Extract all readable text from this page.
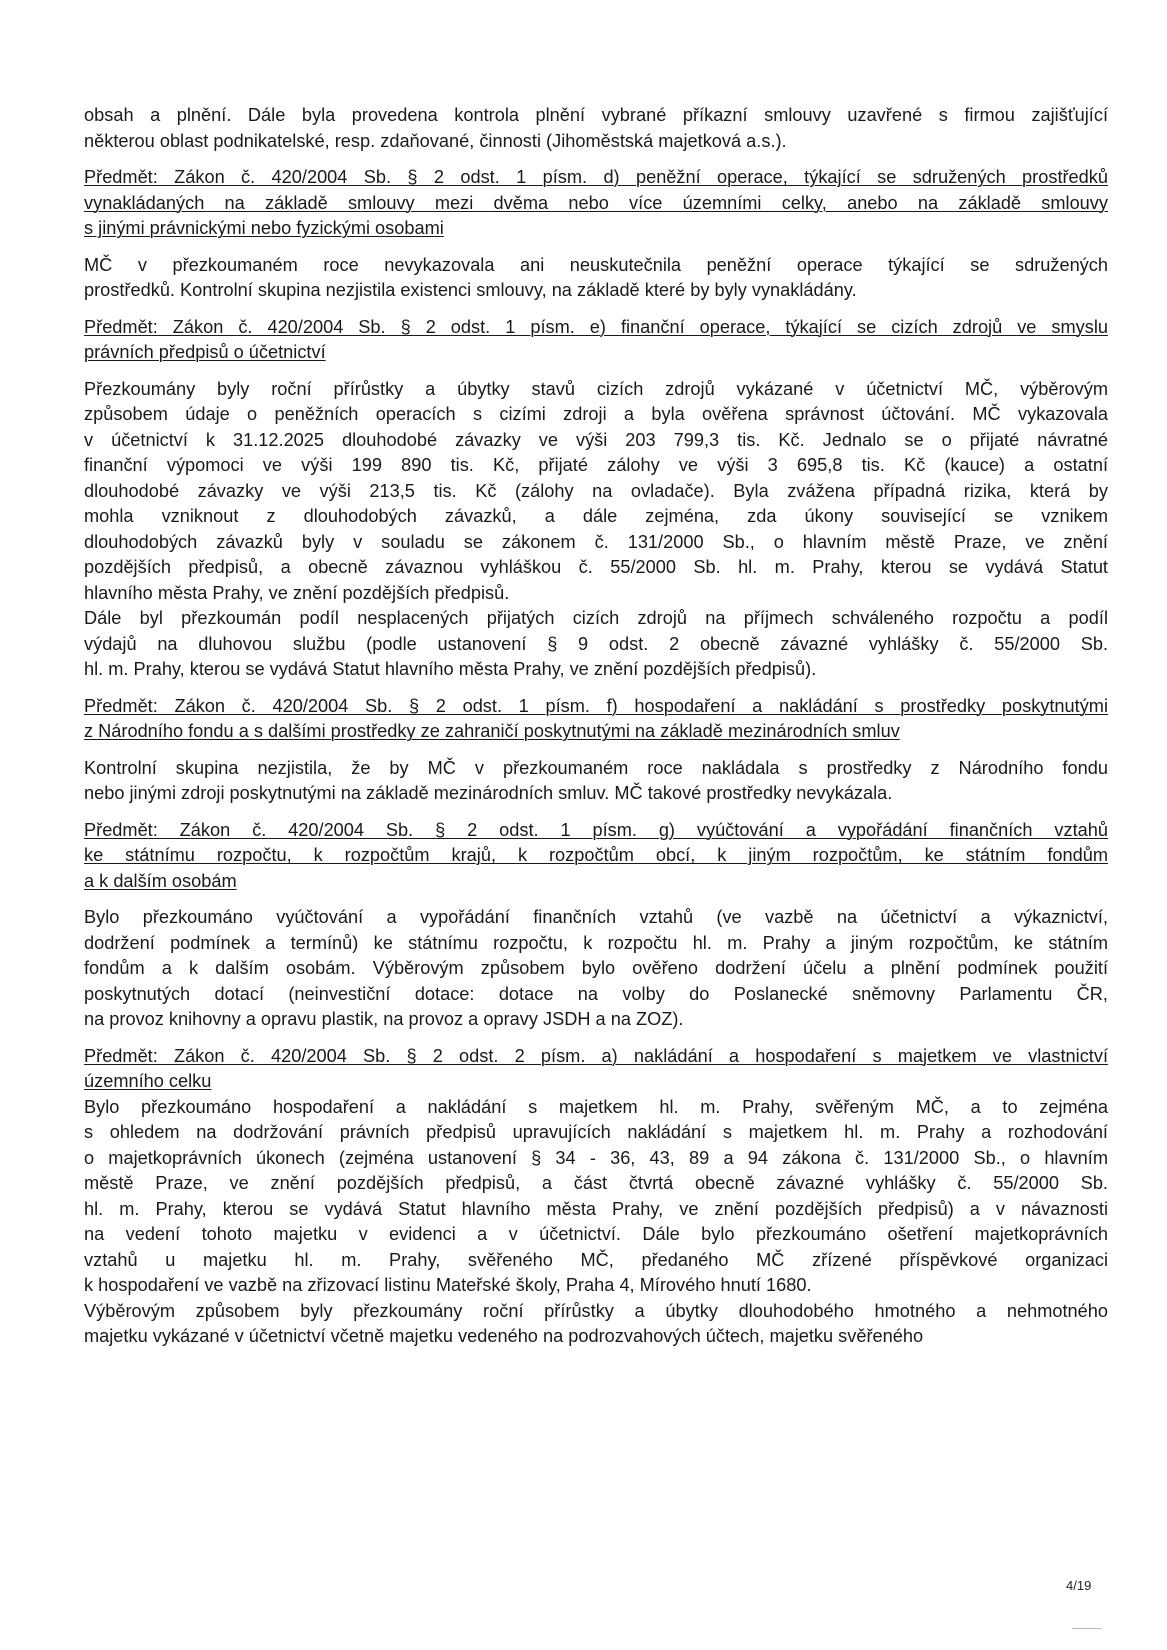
obsah a plnění. Dále byla provedena kontrola plnění vybrané příkazní smlouvy uzavřené s firmou zajišťující
některou oblast podnikatelské, resp. zdaňované, činnosti (Jihoměstská majetková a.s.).
Předmět: Zákon č. 420/2004 Sb. § 2 odst. 1 písm. d) peněžní operace, týkající se sdružených prostředků
vynakládaných na základě smlouvy mezi dvěma nebo více územními celky, anebo na základě smlouvy
s jinými právnickými nebo fyzickými osobami
MČ v přezkoumaném roce nevykazovala ani neuskutečnila peněžní operace týkající se sdružených
prostředků. Kontrolní skupina nezjistila existenci smlouvy, na základě které by byly vynakládány.
Předmět: Zákon č. 420/2004 Sb. § 2 odst. 1 písm. e) finanční operace, týkající se cizích zdrojů ve smyslu
právních předpisů o účetnictví
Přezkoumány byly roční přírůstky a úbytky stavů cizích zdrojů vykázané v účetnictví MČ, výběrovým
způsobem údaje o peněžních operacích s cizími zdroji a byla ověřena správnost účtování. MČ vykazovala
v účetnictví k 31.12.2025 dlouhodobé závazky ve výši 203 799,3 tis. Kč. Jednalo se o přijaté návratné
finanční výpomoci ve výši 199 890 tis. Kč, přijaté zálohy ve výši 3 695,8 tis. Kč (kauce) a ostatní
dlouhodobé závazky ve výši 213,5 tis. Kč (zálohy na ovladače). Byla zvážena případná rizika, která by
mohla vzniknout z dlouhodobých závazků, a dále zejména, zda úkony související se vznikem
dlouhodobých závazků byly v souladu se zákonem č. 131/2000 Sb., o hlavním městě Praze, ve znění
pozdějších předpisů, a obecně závaznou vyhláškou č. 55/2000 Sb. hl. m. Prahy, kterou se vydává Statut
hlavního města Prahy, ve znění pozdějších předpisů.
Dále byl přezkoumán podíl nesplacených přijatých cizích zdrojů na příjmech schváleného rozpočtu a podíl
výdajů na dluhovou službu (podle ustanovení § 9 odst. 2 obecně závazné vyhlášky č. 55/2000 Sb.
hl. m. Prahy, kterou se vydává Statut hlavního města Prahy, ve znění pozdějších předpisů).
Předmět: Zákon č. 420/2004 Sb. § 2 odst. 1 písm. f) hospodaření a nakládání s prostředky poskytnutými
z Národního fondu a s dalšími prostředky ze zahraničí poskytnutými na základě mezinárodních smluv
Kontrolní skupina nezjistila, že by MČ v přezkoumaném roce nakládala s prostředky z Národního fondu
nebo jinými zdroji poskytnutými na základě mezinárodních smluv. MČ takové prostředky nevykázala.
Předmět: Zákon č. 420/2004 Sb. § 2 odst. 1 písm. g) vyúčtování a vypořádání finančních vztahů
ke státnímu rozpočtu, k rozpočtům krajů, k rozpočtům obcí, k jiným rozpočtům, ke státním fondům
a k dalším osobám
Bylo přezkoumáno vyúčtování a vypořádání finančních vztahů (ve vazbě na účetnictví a výkaznictví,
dodržení podmínek a termínů) ke státnímu rozpočtu, k rozpočtu hl. m. Prahy a jiným rozpočtům, ke státním
fondům a k dalším osobám. Výběrovým způsobem bylo ověřeno dodržení účelu a plnění podmínek použití
poskytnutých dotací (neinvestiční dotace: dotace na volby do Poslanecké sněmovny Parlamentu ČR,
na provoz knihovny a opravu plastik, na provoz a opravy JSDH a na ZOZ).
Předmět: Zákon č. 420/2004 Sb. § 2 odst. 2 písm. a) nakládání a hospodaření s majetkem ve vlastnictví
územního celku
Bylo přezkoumáno hospodaření a nakládání s majetkem hl. m. Prahy, svěřeným MČ, a to zejména
s ohledem na dodržování právních předpisů upravujících nakládání s majetkem hl. m. Prahy a rozhodování
o majetkoprávních úkonech (zejména ustanovení § 34 - 36, 43, 89 a 94 zákona č. 131/2000 Sb., o hlavním
městě Praze, ve znění pozdějších předpisů, a část čtvrtá obecně závazné vyhlášky č. 55/2000 Sb.
hl. m. Prahy, kterou se vydává Statut hlavního města Prahy, ve znění pozdějších předpisů) a v návaznosti
na vedení tohoto majetku v evidenci a v účetnictví. Dále bylo přezkoumáno ošetření majetkoprávních
vztahů u majetku hl. m. Prahy, svěřeného MČ, předaného MČ zřízené příspěvkové organizaci
k hospodaření ve vazbě na zřizovací listinu Mateřské školy, Praha 4, Mírového hnutí 1680.
Výběrovým způsobem byly přezkoumány roční přírůstky a úbytky dlouhodobého hmotného a nehmotného
majetku vykázané v účetnictví včetně majetku vedeného na podrozvahových účtech, majetku svěřeného
4/19
